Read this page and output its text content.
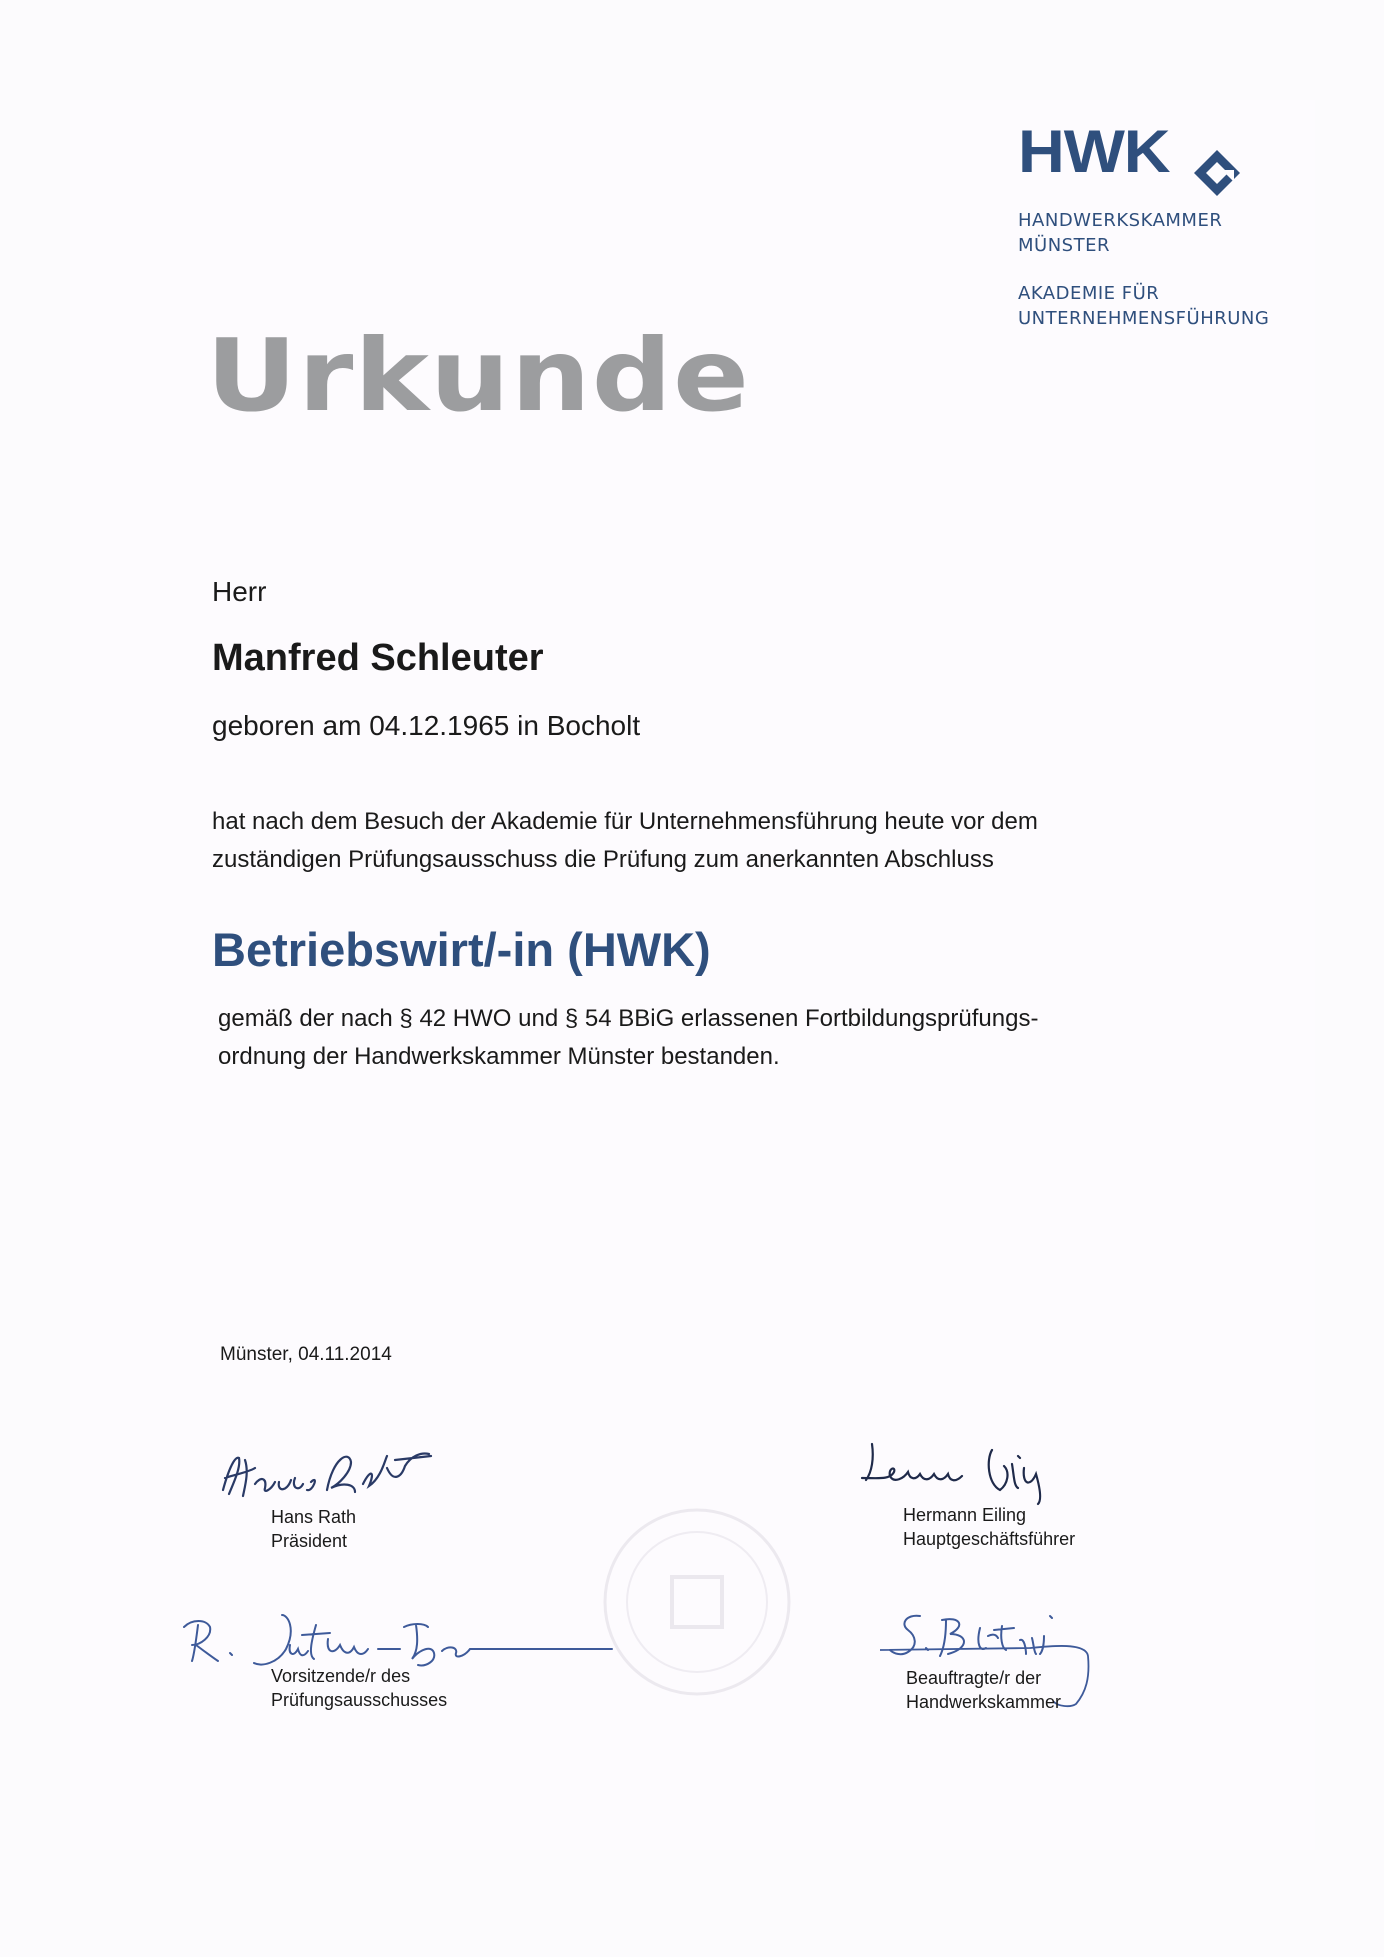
HWK
HANDWERKSKAMMER
MÜNSTER
AKADEMIE FÜR
UNTERNEHMENSFÜHRUNG
Urkunde
Herr
Manfred Schleuter
geboren am 04.12.1965 in Bocholt
hat nach dem Besuch der Akademie für Unternehmensführung heute vor dem
zuständigen Prüfungsausschuss die Prüfung zum anerkannten Abschluss
Betriebswirt/-in (HWK)
gemäß der nach § 42 HWO und § 54 BBiG erlassenen Fortbildungsprüfungs-
ordnung der Handwerkskammer Münster bestanden.
Münster, 04.11.2014
Hans Rath
Präsident
Hermann Eiling
Hauptgeschäftsführer
Vorsitzende/r des
Prüfungsausschusses
Beauftragte/r der
Handwerkskammer
